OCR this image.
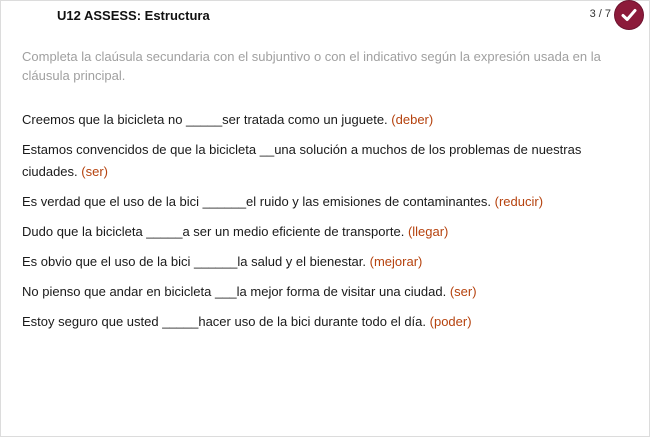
U12 ASSESS: Estructura	3 / 7
Completa la claúsula secundaria con el subjuntivo o con el indicativo según la expresión usada en la cláusula principal.
Creemos que la bicicleta no _____ser tratada como un juguete. (deber)
Estamos convencidos de que la bicicleta __una solución a muchos de los problemas de nuestras ciudades. (ser)
Es verdad que el uso de la bici ______el ruido y las emisiones de contaminantes. (reducir)
Dudo que la bicicleta _____a ser un medio eficiente de transporte. (llegar)
Es obvio que el uso de la bici ______la salud y el bienestar. (mejorar)
No pienso que andar en bicicleta ___la mejor forma de visitar una ciudad. (ser)
Estoy seguro que usted _____hacer uso de la bici durante todo el día. (poder)
